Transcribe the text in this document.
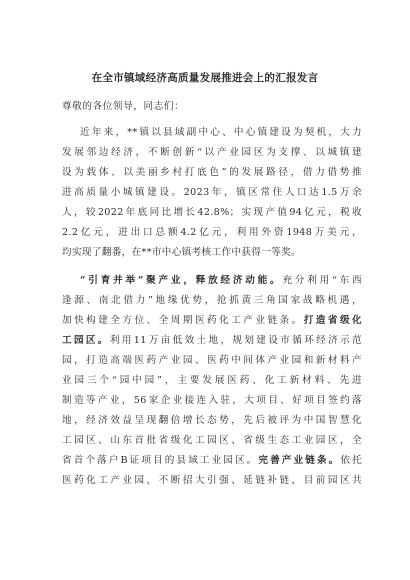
在全市镇域经济高质量发展推进会上的汇报发言
尊敬的各位领导，同志们：
近年来，**镇以县域副中心、中心镇建设为契机，大力
发展邻边经济，不断创新“以产业园区为支撑、以城镇建
设为载体、以美丽乡村打底色”的发展路径，借力借势推
进高质量小城镇建设。2023年，镇区常住人口达1.5万余
人，较2022年底同比增长42.8%；实现产值94亿元，税收
2.2亿元，进出口总额4.2亿元，利用外资1948万美元，
均实现了翻番，在**市中心镇考核工作中获得一等奖。
“引育并举”聚产业，释放经济动能。充分利用“东西
逢源、南北借力”地缘优势，抢抓黄三角国家战略机遇，
加快构建全方位、全周期医药化工产业链条。打造省级化
工园区。利用11万亩低效土地，规划建设市循环经济示范
园，打造高端医药产业园、医药中间体产业园和新材料产
业园三个“园中园”，主要发展医药、化工新材料、先进
制造等产业，56家企业接连入驻，大项目、好项目签约落
地，经济效益呈现翻倍增长态势，先后被评为中国智慧化
工园区、山东首批省级化工园区、省级生态工业园区，全
省首个落户B证项目的县域工业园区。完善产业链条。依托
医药化工产业园，不断招大引强、延链补链，目前园区共
